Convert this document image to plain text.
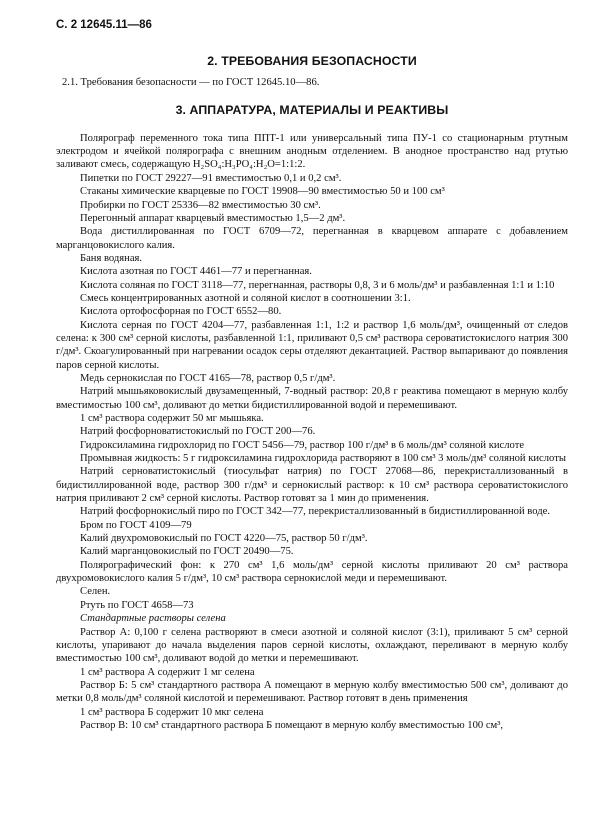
С. 2 12645.11—86
2. ТРЕБОВАНИЯ БЕЗОПАСНОСТИ

2.1. Требования безопасности — по ГОСТ 12645.10—86.

3. АППАРАТУРА, МАТЕРИАЛЫ И РЕАКТИВЫ

Полярограф переменного тока типа ППТ-1 или универсальный типа ПУ-1 со стационарным ртутным электродом и ячейкой полярографа с внешним анодным отделением. В анодное пространство над ртутью заливают смесь, содержащую H₂SO₄:H₃PO₄:H₂O=1:1:2.

Пипетки по ГОСТ 29227—91 вместимостью 0,1 и 0,2 см³.

Стаканы химические кварцевые по ГОСТ 19908—90 вместимостью 50 и 100 см³

Пробирки по ГОСТ 25336—82 вместимостью 30 см³.

Перегонный аппарат кварцевый вместимостью 1,5—2 дм³.

Вода дистиллированная по ГОСТ 6709—72, перегнанная в кварцевом аппарате с добавлением марганцовокислого калия.

Баня водяная.

Кислота азотная по ГОСТ 4461—77 и перегнанная.

Кислота соляная по ГОСТ 3118—77, перегнанная, растворы 0,8, 3 и 6 моль/дм³ и разбавленная 1:1 и 1:10

Смесь концентрированных азотной и соляной кислот в соотношении 3:1.

Кислота ортофосфорная по ГОСТ 6552—80.

Кислота серная по ГОСТ 4204—77, разбавленная 1:1, 1:2 и раствор 1,6 моль/дм³, очищенный от следов селена: к 300 см³ серной кислоты, разбавленной 1:1, приливают 0,5 см³ раствора сероватистокислого натрия 300 г/дм³. Скоагулированный при нагревании осадок серы отделяют декантацией. Раствор выпаривают до появления паров серной кислоты.

Медь сернокислая по ГОСТ 4165—78, раствор 0,5 г/дм³.

Натрий мышьяковокислый двузамещенный, 7-водный раствор: 20,8 г реактива помещают в мерную колбу вместимостью 100 см³, доливают до метки бидистиллированной водой и перемешивают.

1 см³ раствора содержит 50 мг мышьяка.

Натрий фосфорноватистокислый по ГОСТ 200—76.

Гидроксиламина гидрохлорид по ГОСТ 5456—79, раствор 100 г/дм³ в 6 моль/дм³ соляной кислоте

Промывная жидкость: 5 г гидроксиламина гидрохлорида растворяют в 100 см³ 3 моль/дм³ соляной кислоты

Натрий серноватистокислый (тиосульфат натрия) по ГОСТ 27068—86, перекристаллизованный в бидистиллированной воде, раствор 300 г/дм³ и сернокислый раствор: к 10 см³ раствора сероватистокислого натрия приливают 2 см³ серной кислоты. Раствор готовят за 1 мин до применения.

Натрий фосфорнокислый пиро по ГОСТ 342—77, перекристаллизованный в бидистиллированной воде.

Бром по ГОСТ 4109—79

Калий двухромовокислый по ГОСТ 4220—75, раствор 50 г/дм³.

Калий марганцовокислый по ГОСТ 20490—75.

Полярографический фон: к 270 см³ 1,6 моль/дм³ серной кислоты приливают 20 см³ раствора двухромовокислого калия 5 г/дм³, 10 см³ раствора сернокислой меди и перемешивают.

Селен.

Ртуть по ГОСТ 4658—73

Стандартные растворы селена

Раствор А: 0,100 г селена растворяют в смеси азотной и соляной кислот (3:1), приливают 5 см³ серной кислоты, упаривают до начала выделения паров серной кислоты, охлаждают, переливают в мерную колбу вместимостью 100 см³, доливают водой до метки и перемешивают.

1 см³ раствора А содержит 1 мг селена

Раствор Б: 5 см³ стандартного раствора А помещают в мерную колбу вместимостью 500 см³, доливают до метки 0,8 моль/дм³ соляной кислотой и перемешивают. Раствор готовят в день применения

1 см³ раствора Б содержит 10 мкг селена

Раствор В: 10 см³ стандартного раствора Б помещают в мерную колбу вместимостью 100 см³,
